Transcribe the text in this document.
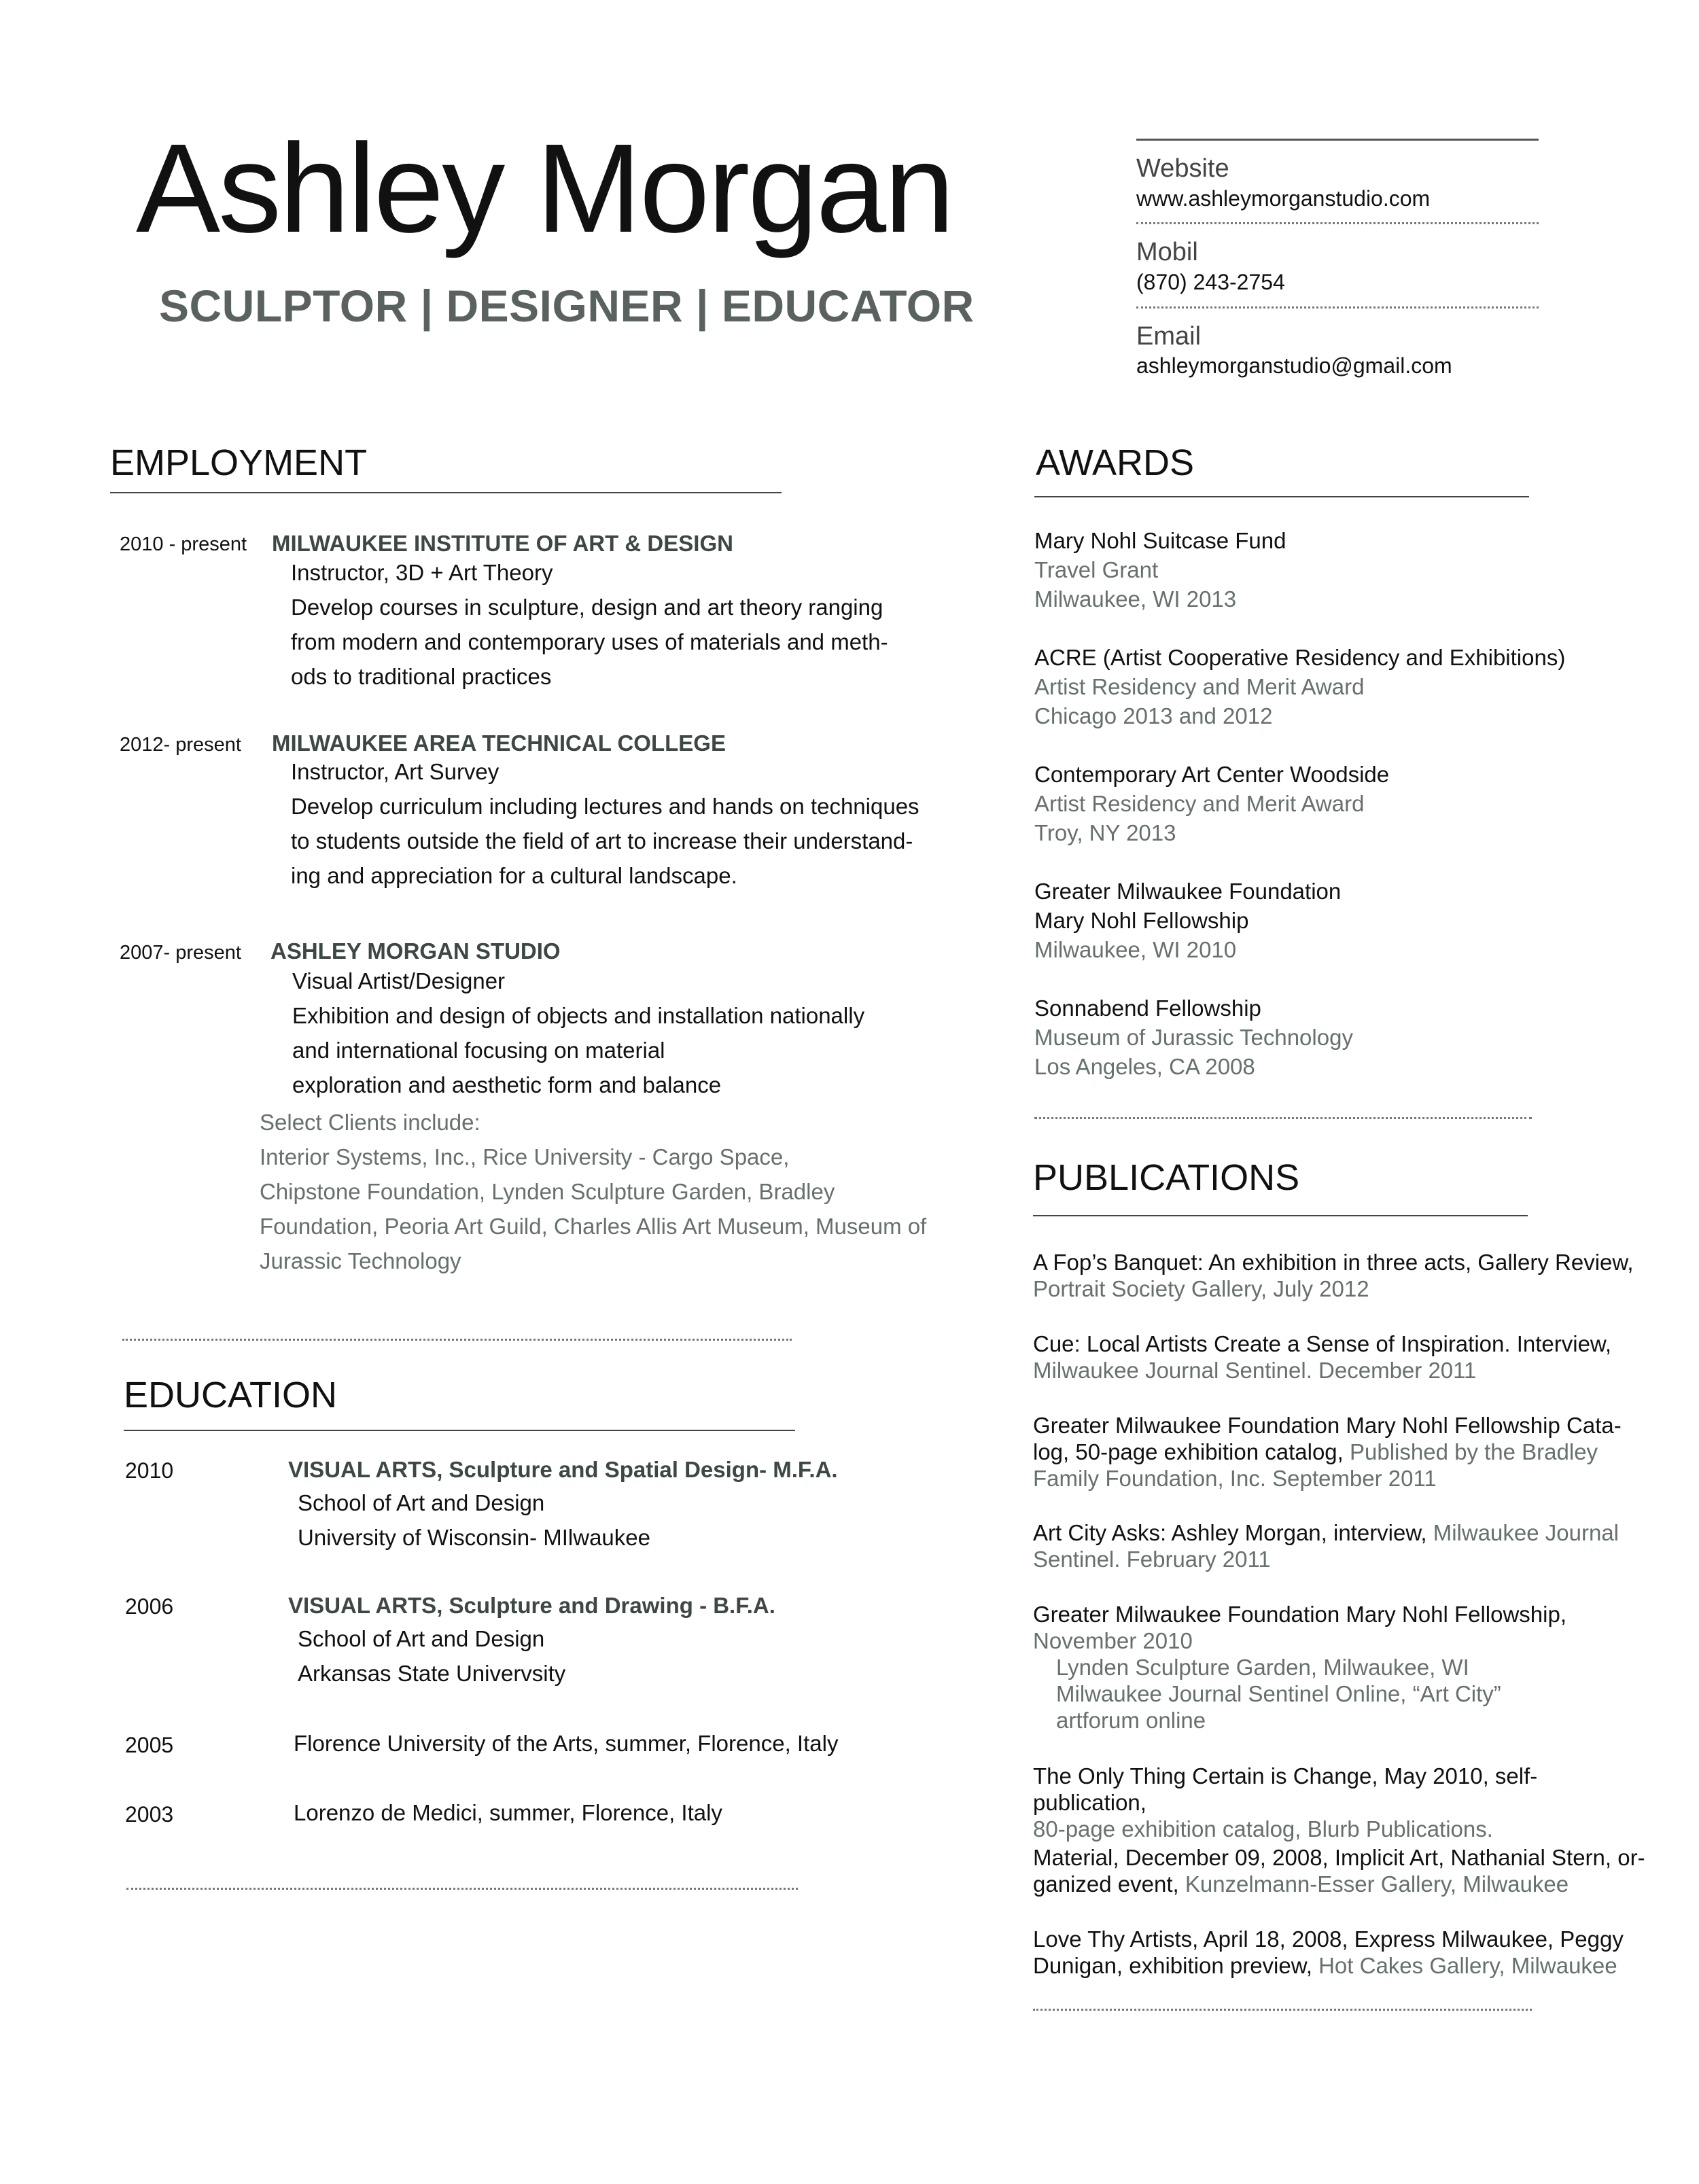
Ashley Morgan
SCULPTOR | DESIGNER | EDUCATOR
Website
www.ashleymorganstudio.com
Mobil
(870) 243-2754
Email
ashleymorganstudio@gmail.com
EMPLOYMENT
2010 - present MILWAUKEE INSTITUTE OF ART & DESIGN
Instructor, 3D + Art Theory
Develop courses in sculpture, design and art theory ranging
from modern and contemporary uses of materials and meth-
ods to traditional practices
2012- present MILWAUKEE AREA TECHNICAL COLLEGE
Instructor, Art Survey
Develop curriculum including lectures and hands on techniques
to students outside the field of art to increase their understand-
ing and appreciation for a cultural landscape.
2007- present ASHLEY MORGAN STUDIO
Visual Artist/Designer
Exhibition and design of objects and installation nationally
and international focusing on material
exploration and aesthetic form and balance
Select Clients include:
Interior Systems, Inc., Rice University - Cargo Space,
Chipstone Foundation, Lynden Sculpture Garden, Bradley
Foundation, Peoria Art Guild, Charles Allis Art Museum, Museum of
Jurassic Technology
EDUCATION
2010	VISUAL ARTS, Sculpture and Spatial Design- M.F.A.
School of Art and Design
University of Wisconsin- MIlwaukee
2006	VISUAL ARTS, Sculpture and Drawing - B.F.A.
School of Art and Design
Arkansas State Univervsity
2005	Florence University of the Arts, summer, Florence, Italy
2003	Lorenzo de Medici, summer, Florence, Italy
AWARDS
Mary Nohl Suitcase Fund
Travel Grant
Milwaukee, WI 2013
ACRE (Artist Cooperative Residency and Exhibitions)
Artist Residency and Merit Award
Chicago 2013 and 2012
Contemporary Art Center Woodside
Artist Residency and Merit Award
Troy, NY 2013
Greater Milwaukee Foundation
Mary Nohl Fellowship
Milwaukee, WI 2010
Sonnabend Fellowship
Museum of Jurassic Technology
Los Angeles, CA 2008
PUBLICATIONS
A Fop’s Banquet: An exhibition in three acts, Gallery Review,
Portrait Society Gallery, July 2012
Cue: Local Artists Create a Sense of Inspiration. Interview,
Milwaukee Journal Sentinel. December 2011
Greater Milwaukee Foundation Mary Nohl Fellowship Cata-
log, 50-page exhibition catalog, Published by the Bradley
Family Foundation, Inc. September 2011
Art City Asks: Ashley Morgan, interview, Milwaukee Journal
Sentinel. February 2011
Greater Milwaukee Foundation Mary Nohl Fellowship,
November 2010
Lynden Sculpture Garden, Milwaukee, WI
Milwaukee Journal Sentinel Online, “Art City”
artforum online
The Only Thing Certain is Change, May 2010, self-publication,
80-page exhibition catalog, Blurb Publications.
Material, December 09, 2008, Implicit Art, Nathanial Stern, or-
ganized event, Kunzelmann-Esser Gallery, Milwaukee
Love Thy Artists, April 18, 2008, Express Milwaukee, Peggy
Dunigan, exhibition preview, Hot Cakes Gallery, Milwaukee
